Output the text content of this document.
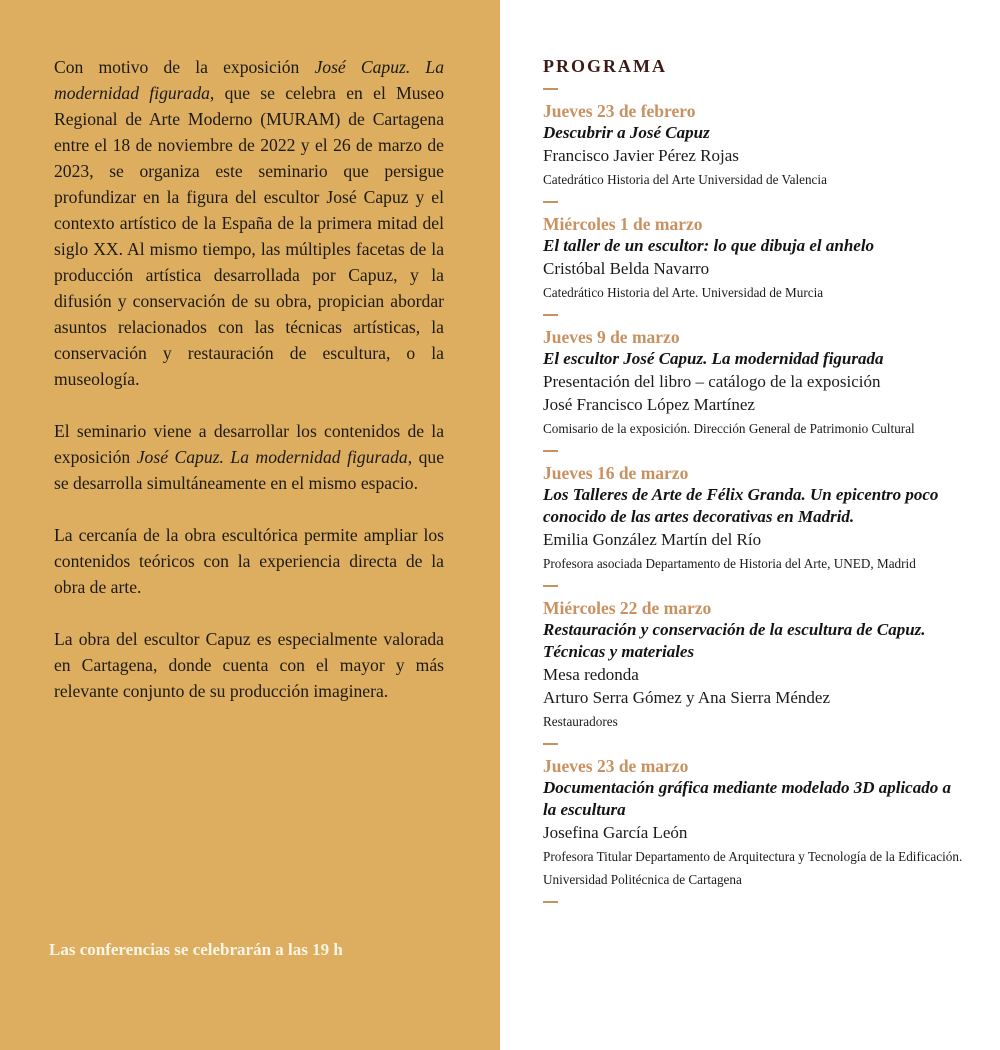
Con motivo de la exposición José Capuz. La modernidad figurada, que se celebra en el Museo Regional de Arte Moderno (MURAM) de Cartagena entre el 18 de noviembre de 2022 y el 26 de marzo de 2023, se organiza este seminario que persigue profundizar en la figura del escultor José Capuz y el contexto artístico de la España de la primera mitad del siglo XX. Al mismo tiempo, las múltiples facetas de la producción artística desarrollada por Capuz, y la difusión y conservación de su obra, propician abordar asuntos relacionados con las técnicas artísticas, la conservación y restauración de escultura, o la museología.

El seminario viene a desarrollar los contenidos de la exposición José Capuz. La modernidad figurada, que se desarrolla simultáneamente en el mismo espacio.

La cercanía de la obra escultórica permite ampliar los contenidos teóricos con la experiencia directa de la obra de arte.

La obra del escultor Capuz es especialmente valorada en Cartagena, donde cuenta con el mayor y más relevante conjunto de su producción imaginera.

Las conferencias se celebrarán a las 19 h
PROGRAMA
Jueves 23 de febrero
Descubrir a José Capuz
Francisco Javier Pérez Rojas
Catedrático Historia del Arte Universidad de Valencia
Miércoles 1 de marzo
El taller de un escultor: lo que dibuja el anhelo
Cristóbal Belda Navarro
Catedrático Historia del Arte. Universidad de Murcia
Jueves 9 de marzo
El escultor José Capuz. La modernidad figurada
Presentación del libro – catálogo de la exposición
José Francisco López Martínez
Comisario de la exposición. Dirección General de Patrimonio Cultural
Jueves 16 de marzo
Los Talleres de Arte de Félix Granda. Un epicentro poco conocido de las artes decorativas en Madrid.
Emilia González Martín del Río
Profesora asociada Departamento de Historia del Arte, UNED, Madrid
Miércoles 22 de marzo
Restauración y conservación de la escultura de Capuz. Técnicas y materiales
Mesa redonda
Arturo Serra Gómez y Ana Sierra Méndez
Restauradores
Jueves 23 de marzo
Documentación gráfica mediante modelado 3D aplicado a la escultura
Josefina García León
Profesora Titular Departamento de Arquitectura y Tecnología de la Edificación. Universidad Politécnica de Cartagena
